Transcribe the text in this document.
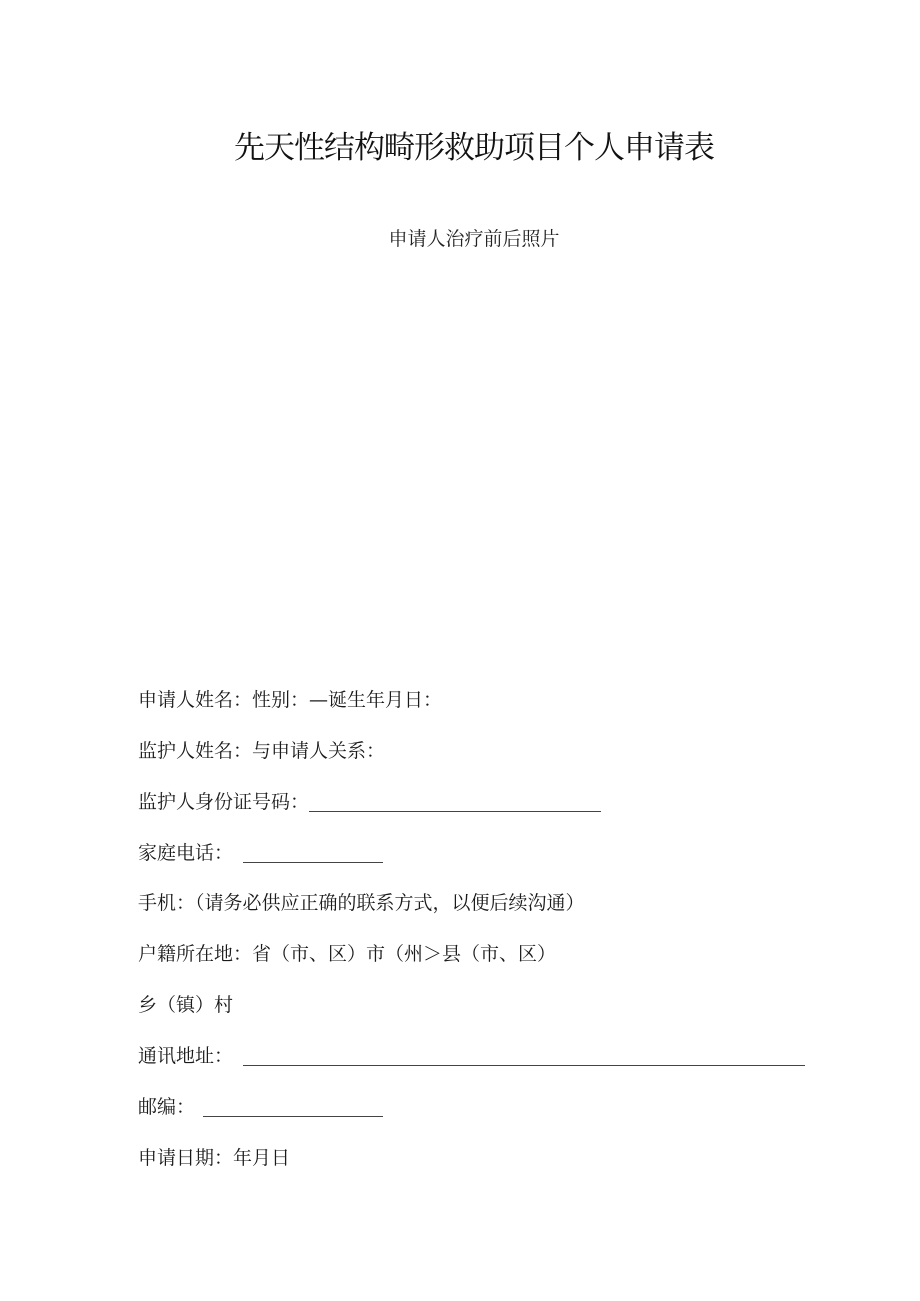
先天性结构畸形救助项目个人申请表
申请人治疗前后照片
申请人姓名：性别：—诞生年月日：
监护人姓名：与申请人关系：
监护人身份证号码：
家庭电话：
手机：（请务必供应正确的联系方式，以便后续沟通）
户籍所在地：省（市、区）市（州＞县（市、区）
乡（镇）村
通讯地址：
邮编：
申请日期：年月日
